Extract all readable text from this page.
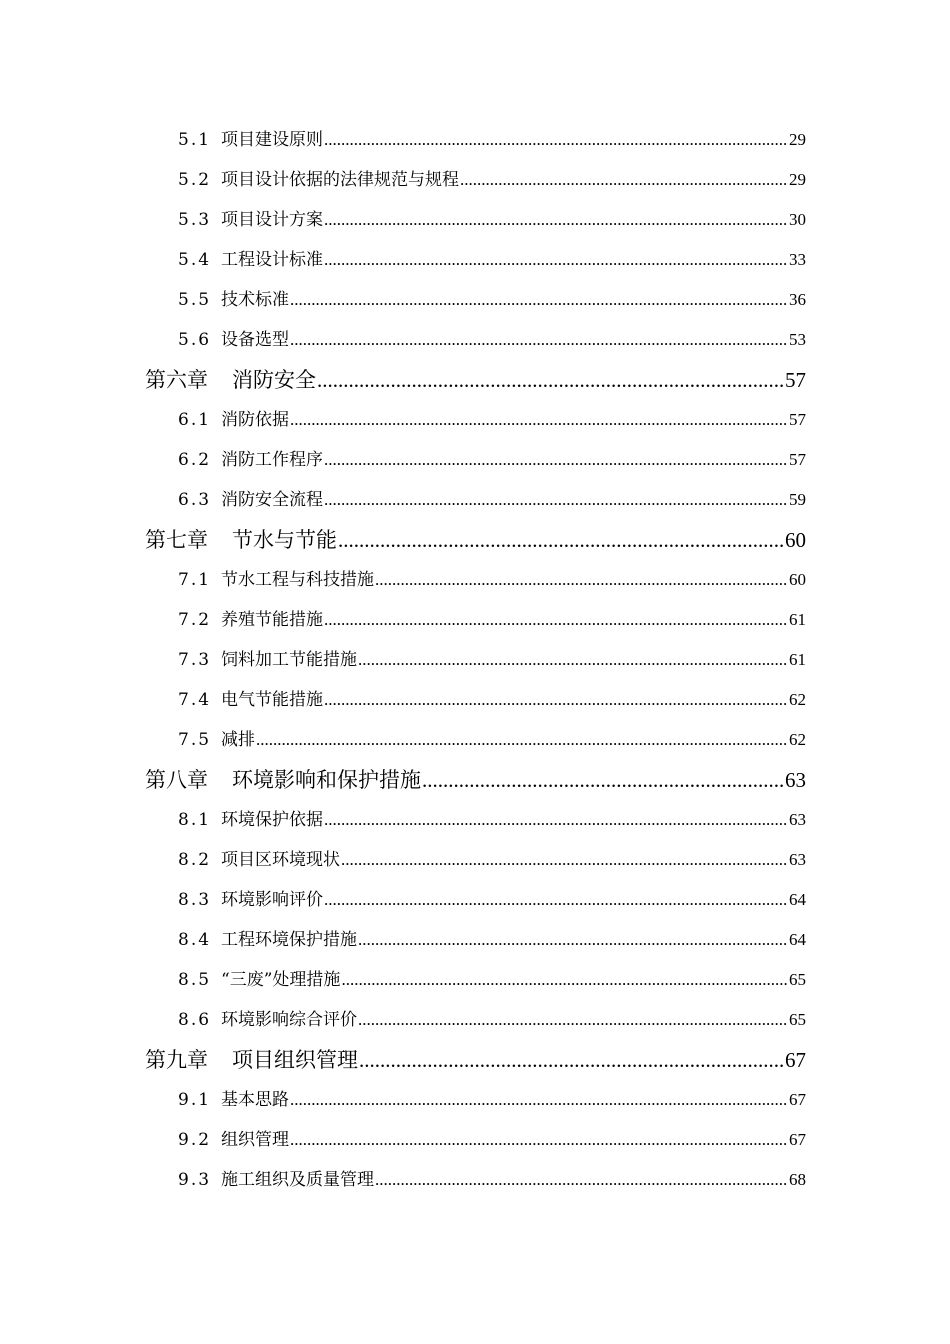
5.1 项目建设原则 .....	29
5.2 项目设计依据的法律规范与规程 .....	29
5.3 项目设计方案 .....	30
5.4 工程设计标准 .....	33
5.5 技术标准 .....	36
5.6 设备选型 .....	53
第六章 消防安全 .....	57
6.1 消防依据 .....	57
6.2 消防工作程序 .....	57
6.3 消防安全流程 .....	59
第七章 节水与节能 .....	60
7.1 节水工程与科技措施 .....	60
7.2 养殖节能措施 .....	61
7.3 饲料加工节能措施 .....	61
7.4 电气节能措施 .....	62
7.5 减排 .....	62
第八章 环境影响和保护措施 .....	63
8.1 环境保护依据 .....	63
8.2 项目区环境现状 .....	63
8.3 环境影响评价 .....	64
8.4 工程环境保护措施 .....	64
8.5 “三废”处理措施 .....	65
8.6 环境影响综合评价 .....	65
第九章 项目组织管理 .....	67
9.1 基本思路 .....	67
9.2 组织管理 .....	67
9.3 施工组织及质量管理 .....	68
